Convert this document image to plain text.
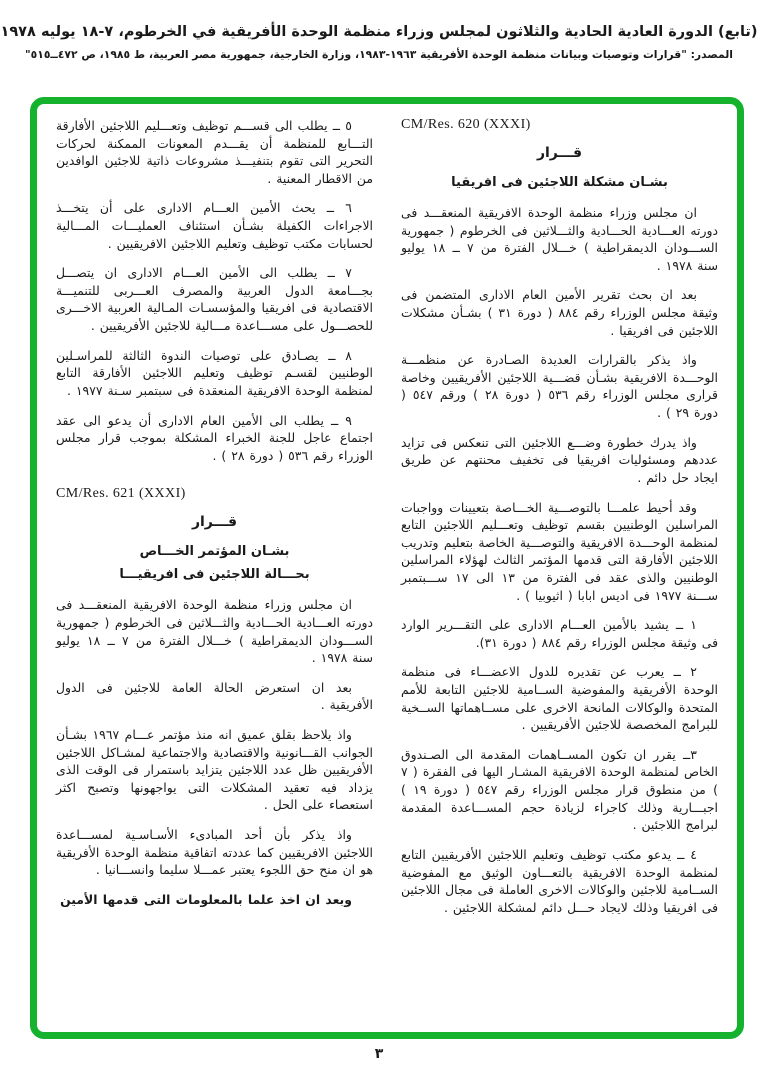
(تابع) الدورة العادية الحادية والثلاثون لمجلس وزراء منظمة الوحدة الأفريقية في الخرطوم، ٧-١٨ يوليه ١٩٧٨
المصدر: "قرارات وتوصيات وبيانات منظمة الوحدة الأفريقية ١٩٦٣-١٩٨٣، وزارة الخارجية، جمهورية مصر العربية، ط ١٩٨٥، ص ٤٧٢ــ٥١٥"
CM/Res. 620 (XXXI)
قـــرار
بشـان مشكلة اللاجئين فى افريقيا

ان مجلس وزراء منظمة الوحدة الافريقية المنعقـــد فى دورته العـــادية الحـــادية والثـــلاثين فى الخرطوم ( جمهورية الســـودان الديمقراطية ) خـــلال الفترة من ٧ ــ ١٨ يوليو سنة ١٩٧٨ .

بعد ان بحث تقرير الأمين العام الادارى المتضمن فى وثيقة مجلس الوزراء رقم ٨٨٤ ( دورة ٣١ ) بشـأن مشكلات اللاجئين فى افريقيا .

واذ يذكر بالقرارات العديدة الصـادرة عن منظمـــة الوحـــدة الافريقية بشـأن قضـــية اللاجئين الأفريقيين وخاصة قرارى مجلس الوزراء رقم ٥٣٦ ( دورة ٢٨ ) ورقم ٥٤٧ ( دورة ٢٩ ) .

واذ يدرك خطورة وضـــع اللاجئين التى تنعكس فى تزايد عددهم ومسئوليات افريقيا فى تخفيف محنتهم عن طريق ايجاد حل دائم .

وقد أحيط علمـــا بالتوصـــية الخـــاصة بتعيينات وواجبات المراسلين الوطنيين بقسم توظيف وتعـــليم اللاجئين التابع لمنظمة الوحـــدة الافريقية والتوصـــية الخاصة بتعليم وتدريب اللاجئين الأفارقة التى قدمها المؤتمر الثالث لهؤلاء المراسلين الوطنيين والذى عقد فى الفترة من ١٣ الى ١٧ ســـبتمبر ســـنة ١٩٧٧ فى اديس ابابا ( اثيوبيا ) .

١ ــ يشيد بالأمين العـــام الادارى على التقـــرير الوارد فى وثيقة مجلس الوزراء رقم ٨٨٤ ( دورة ٣١).

٢ ــ يعرب عن تقديره للدول الاعضـــاء فى منظمة الوحدة الأفريقية والمفوضية الســامية للاجئين التابعة للأمم المتحدة والوكالات المانحة الاخرى على مســاهماتها الســخية للبرامج المخصصة للاجئين الأفريقيين .

٣ــ يقرر ان تكون المســاهمات المقدمة الى الصـندوق الخاص لمنظمة الوحدة الافريقية المشـار اليها فى الفقرة ( ٧ ) من منطوق قرار مجلس الوزراء رقم ٥٤٧ ( دورة ١٩ ) اجبـــارية وذلك كاجراء لزيادة حجم المســـاعدة المقدمة لبرامج اللاجئين .

٤ ــ يدعو مكتب توظيف وتعليم اللاجئين الأفريقيين التابع لمنظمة الوحدة الافريقية بالتعـــاون الوثيق مع المفوضية الســامية للاجئين والوكالات الاخرى العاملة فى مجال اللاجئين فى افريقيا وذلك لايجاد حـــل دائم لمشكلة اللاجئين .

٥ ــ يطلب الى قســـم توظيف وتعـــليم اللاجئين الأفارقة التـــابع للمنظمة أن يقـــدم المعونات الممكنة لحركات التحرير التى تقوم بتنفيـــذ مشروعات ذاتية للاجئين الوافدين من الاقطار المعنية .

٦ ــ يحث الأمين العـــام الادارى على أن يتخـــذ الاجراءات الكفيلة بشـأن استئناف العمليـــات المـــالية لحسابات مكتب توظيف وتعليم اللاجئين الافريقيين .

٧ ــ يطلب الى الأمين العـــام الادارى ان يتصـــل بجـــامعة الدول العربية والمصرف العـــربى للتنميـــة الاقتصادية فى افريقيا والمؤسسـات المـالية العربية الاخـــرى للحصـــول على مســـاعدة مـــالية للاجئين الأفريقيين .

٨ ــ يصـادق على توصيات الندوة الثالثة للمراسـلين الوطنيين لقسـم توظيف وتعليم اللاجئين الأفارقة التابع لمنظمة الوحدة الافريقية المنعقدة فى سبتمبر سـنة ١٩٧٧ .

٩ ــ يطلب الى الأمين العام الادارى أن يدعو الى عقد اجتماع عاجل للجنة الخبراء المشكلة بموجب قرار مجلس الوزراء رقم ٥٣٦ ( دورة ٢٨ ) .

CM/Res. 621 (XXXI)
قـــرار
بشـان المؤتمر الخـــاص
بحـــالة اللاجئين فى افريقيـــا

ان مجلس وزراء منظمة الوحدة الافريقية المنعقـــد فى دورته العـــادية الحـــادية والثـــلاثين فى الخرطوم ( جمهورية الســـودان الديمقراطية ) خـــلال الفترة من ٧ ــ ١٨ يوليو سنة ١٩٧٨ .

بعد ان استعرض الحالة العامة للاجئين فى الدول الأفريقية .

واذ يلاحظ بقلق عميق انه منذ مؤتمر عـــام ١٩٦٧ بشـأن الجوانب القـــانونية والاقتصادية والاجتماعية لمشـاكل اللاجئين الأفريقيين ظل عدد اللاجئين يتزايد باستمرار فى الوقت الذى يزداد فيه تعقيد المشكلات التى يواجهونها وتصبح اكثر استعصاء على الحل .

واذ يذكر بأن أحد المبادىء الأسـاسـية لمســـاعدة اللاجئين الافريقيين كما عددته اتفاقية منظمة الوحدة الأفريقية هو ان منح حق اللجوء يعتبر عمـــلا سليما وانســـانيا .

وبعد ان اخذ علما بالمعلومات التى قدمها الأمين

٣
